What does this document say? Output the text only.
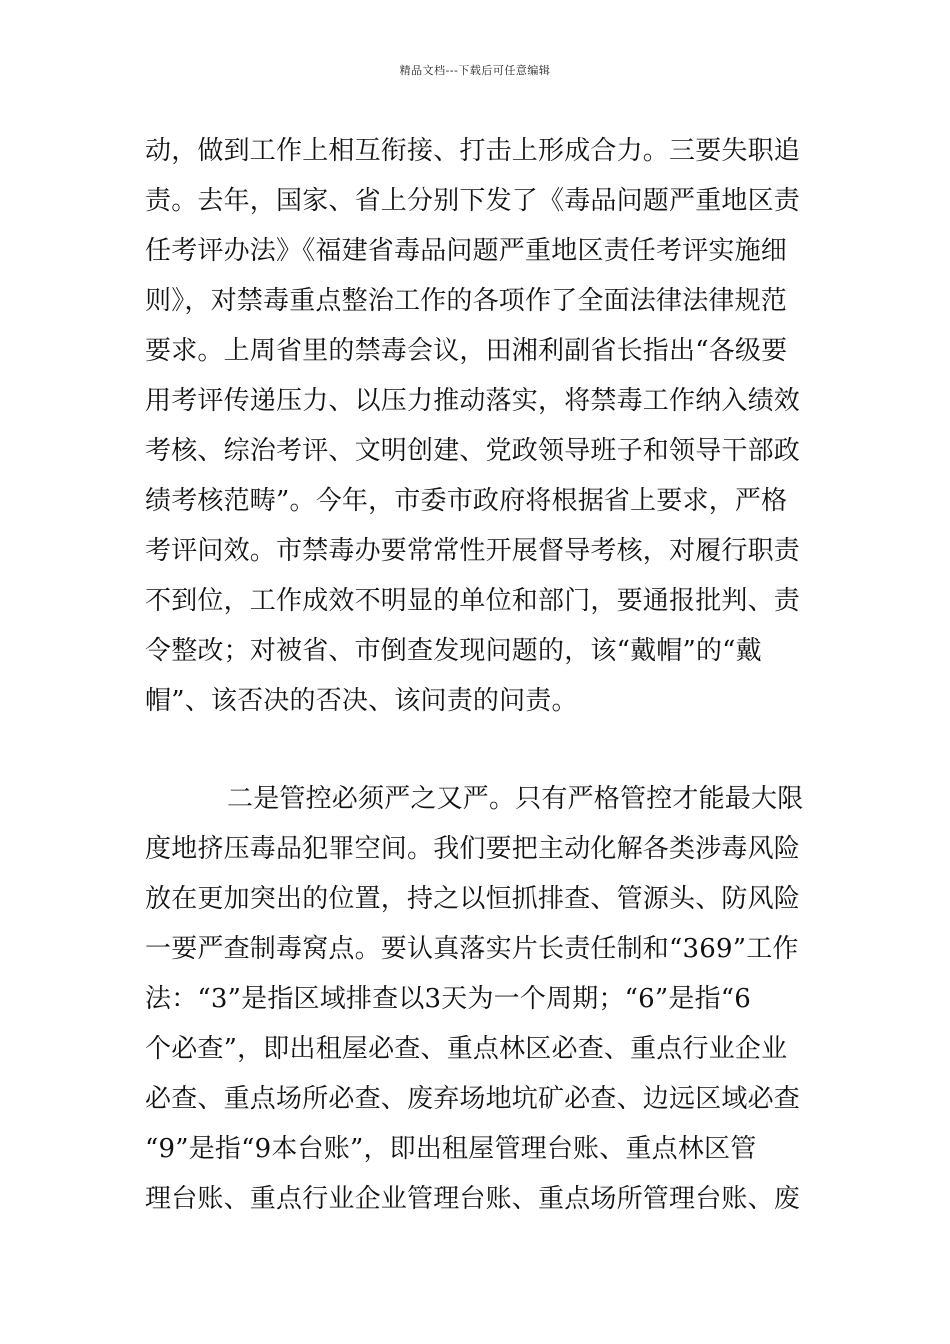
精品文档---下载后可任意编辑
动，做到工作上相互衔接、打击上形成合力。三要失职追
责。去年，国家、省上分别下发了《毒品问题严重地区责
任考评办法》《福建省毒品问题严重地区责任考评实施细
则》，对禁毒重点整治工作的各项作了全面法律法律规范
要求。上周省里的禁毒会议，田湘利副省长指出“各级要
用考评传递压力、以压力推动落实，将禁毒工作纳入绩效
考核、综治考评、文明创建、党政领导班子和领导干部政
绩考核范畴”。今年，市委市政府将根据省上要求，严格
考评问效。市禁毒办要常常性开展督导考核，对履行职责
不到位，工作成效不明显的单位和部门，要通报批判、责
令整改；对被省、市倒查发现问题的，该“戴帽”的“戴
帽”、该否决的否决、该问责的问责。
二是管控必须严之又严。只有严格管控才能最大限
度地挤压毒品犯罪空间。我们要把主动化解各类涉毒风险
放在更加突出的位置，持之以恒抓排查、管源头、防风险
一要严查制毒窝点。要认真落实片长责任制和“369”工作
法：“3”是指区域排查以3天为一个周期；“6”是指“6
个必查”，即出租屋必查、重点林区必查、重点行业企业
必查、重点场所必查、废弃场地坑矿必查、边远区域必查
“9”是指“9本台账”，即出租屋管理台账、重点林区管
理台账、重点行业企业管理台账、重点场所管理台账、废
